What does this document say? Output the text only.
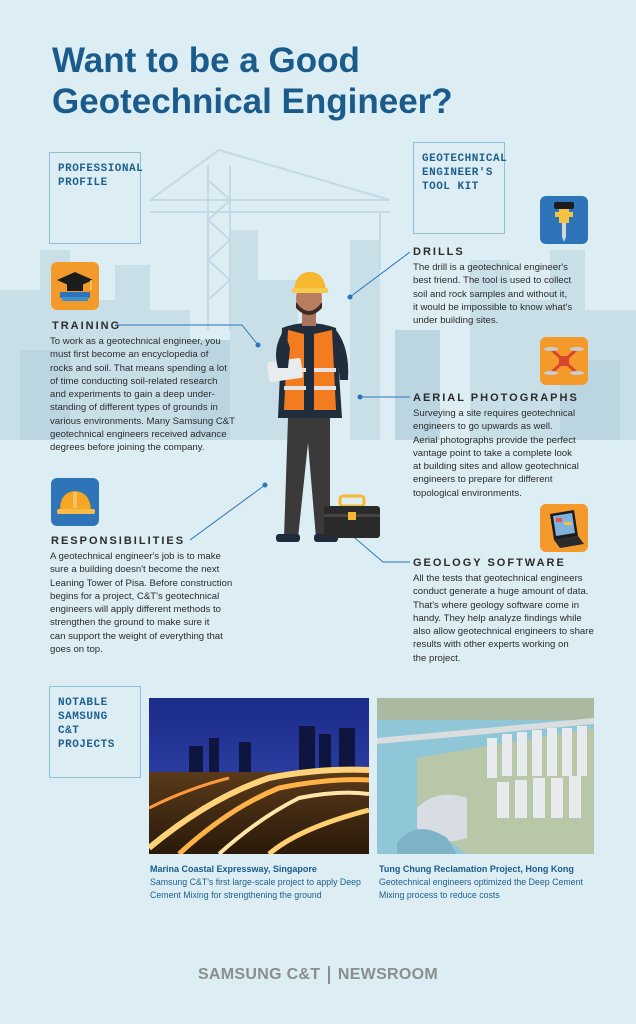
Want to be a Good
Geotechnical Engineer?
PROFESSIONAL
PROFILE
GEOTECHNICAL
ENGINEER'S
TOOL KIT
TRAINING
To work as a geotechnical engineer, you
must first become an encyclopedia of
rocks and soil. That means spending a lot
of time conducting soil-related research
and experiments to gain a deep under-
standing of different types of grounds in
various environments. Many Samsung C&T
geotechnical engineers received advance
degrees before joining the company.
RESPONSIBILITIES
A geotechnical engineer's job is to make
sure a building doesn't become the next
Leaning Tower of Pisa. Before construction
begins for a project, C&T's geotechnical
engineers will apply different methods to
strengthen the ground to make sure it
can support the weight of everything that
goes on top.
DRILLS
The drill is a geotechnical engineer's
best friend. The tool is used to collect
soil and rock samples and without it,
it would be impossible to know what's
under building sites.
AERIAL PHOTOGRAPHS
Surveying a site requires geotechnical
engineers to go upwards as well.
Aerial photographs provide the perfect
vantage point to take a complete look
at building sites and allow geotechnical
engineers to prepare for different
topological environments.
GEOLOGY SOFTWARE
All the tests that geotechnical engineers
conduct generate a huge amount of data.
That's where geology software come in
handy. They help analyze findings while
also allow geotechnical engineers to share
results with other experts working on
the project.
NOTABLE
SAMSUNG C&T
PROJECTS
Marina Coastal Expressway, Singapore
Samsung C&T's first large-scale project to apply Deep
Cement Mixing for strengthening the ground
Tung Chung Reclamation Project, Hong Kong
Geotechnical engineers optimized the Deep Cement
Mixing process to reduce costs
SAMSUNG C&T NEWSROOM
